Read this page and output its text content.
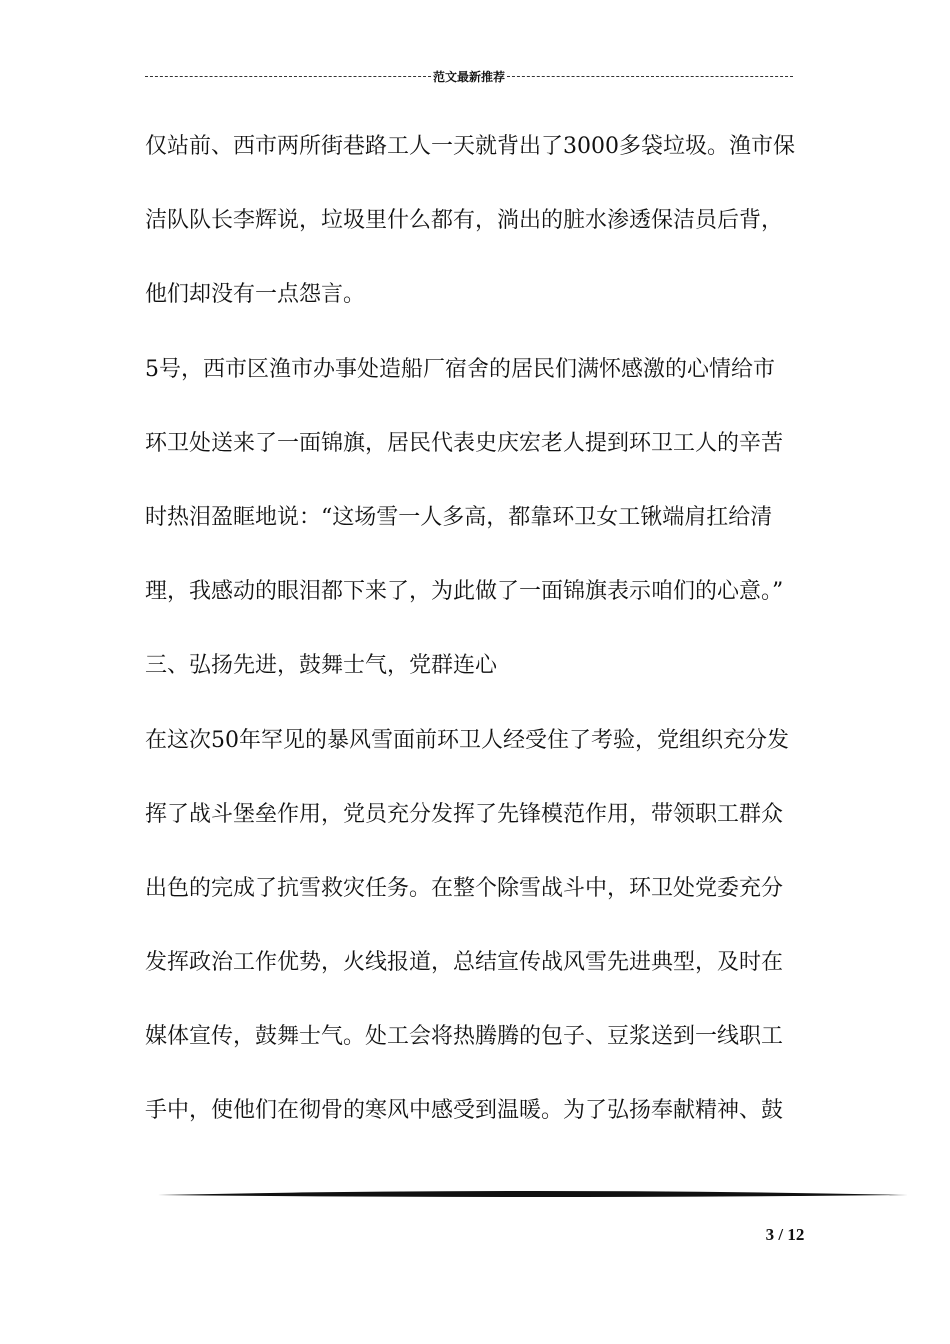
范文最新推荐
仅站前、西市两所街巷路工人一天就背出了3000多袋垃圾。渔市保
洁队队长李辉说，垃圾里什么都有，淌出的脏水渗透保洁员后背，
他们却没有一点怨言。
5号，西市区渔市办事处造船厂宿舍的居民们满怀感激的心情给市
环卫处送来了一面锦旗，居民代表史庆宏老人提到环卫工人的辛苦
时热泪盈眶地说：“这场雪一人多高，都靠环卫女工锹端肩扛给清
理，我感动的眼泪都下来了，为此做了一面锦旗表示咱们的心意。”
三、弘扬先进，鼓舞士气，党群连心
在这次50年罕见的暴风雪面前环卫人经受住了考验，党组织充分发
挥了战斗堡垒作用，党员充分发挥了先锋模范作用，带领职工群众
出色的完成了抗雪救灾任务。在整个除雪战斗中，环卫处党委充分
发挥政治工作优势，火线报道，总结宣传战风雪先进典型，及时在
媒体宣传，鼓舞士气。处工会将热腾腾的包子、豆浆送到一线职工
手中，使他们在彻骨的寒风中感受到温暖。为了弘扬奉献精神、鼓
3 / 12
